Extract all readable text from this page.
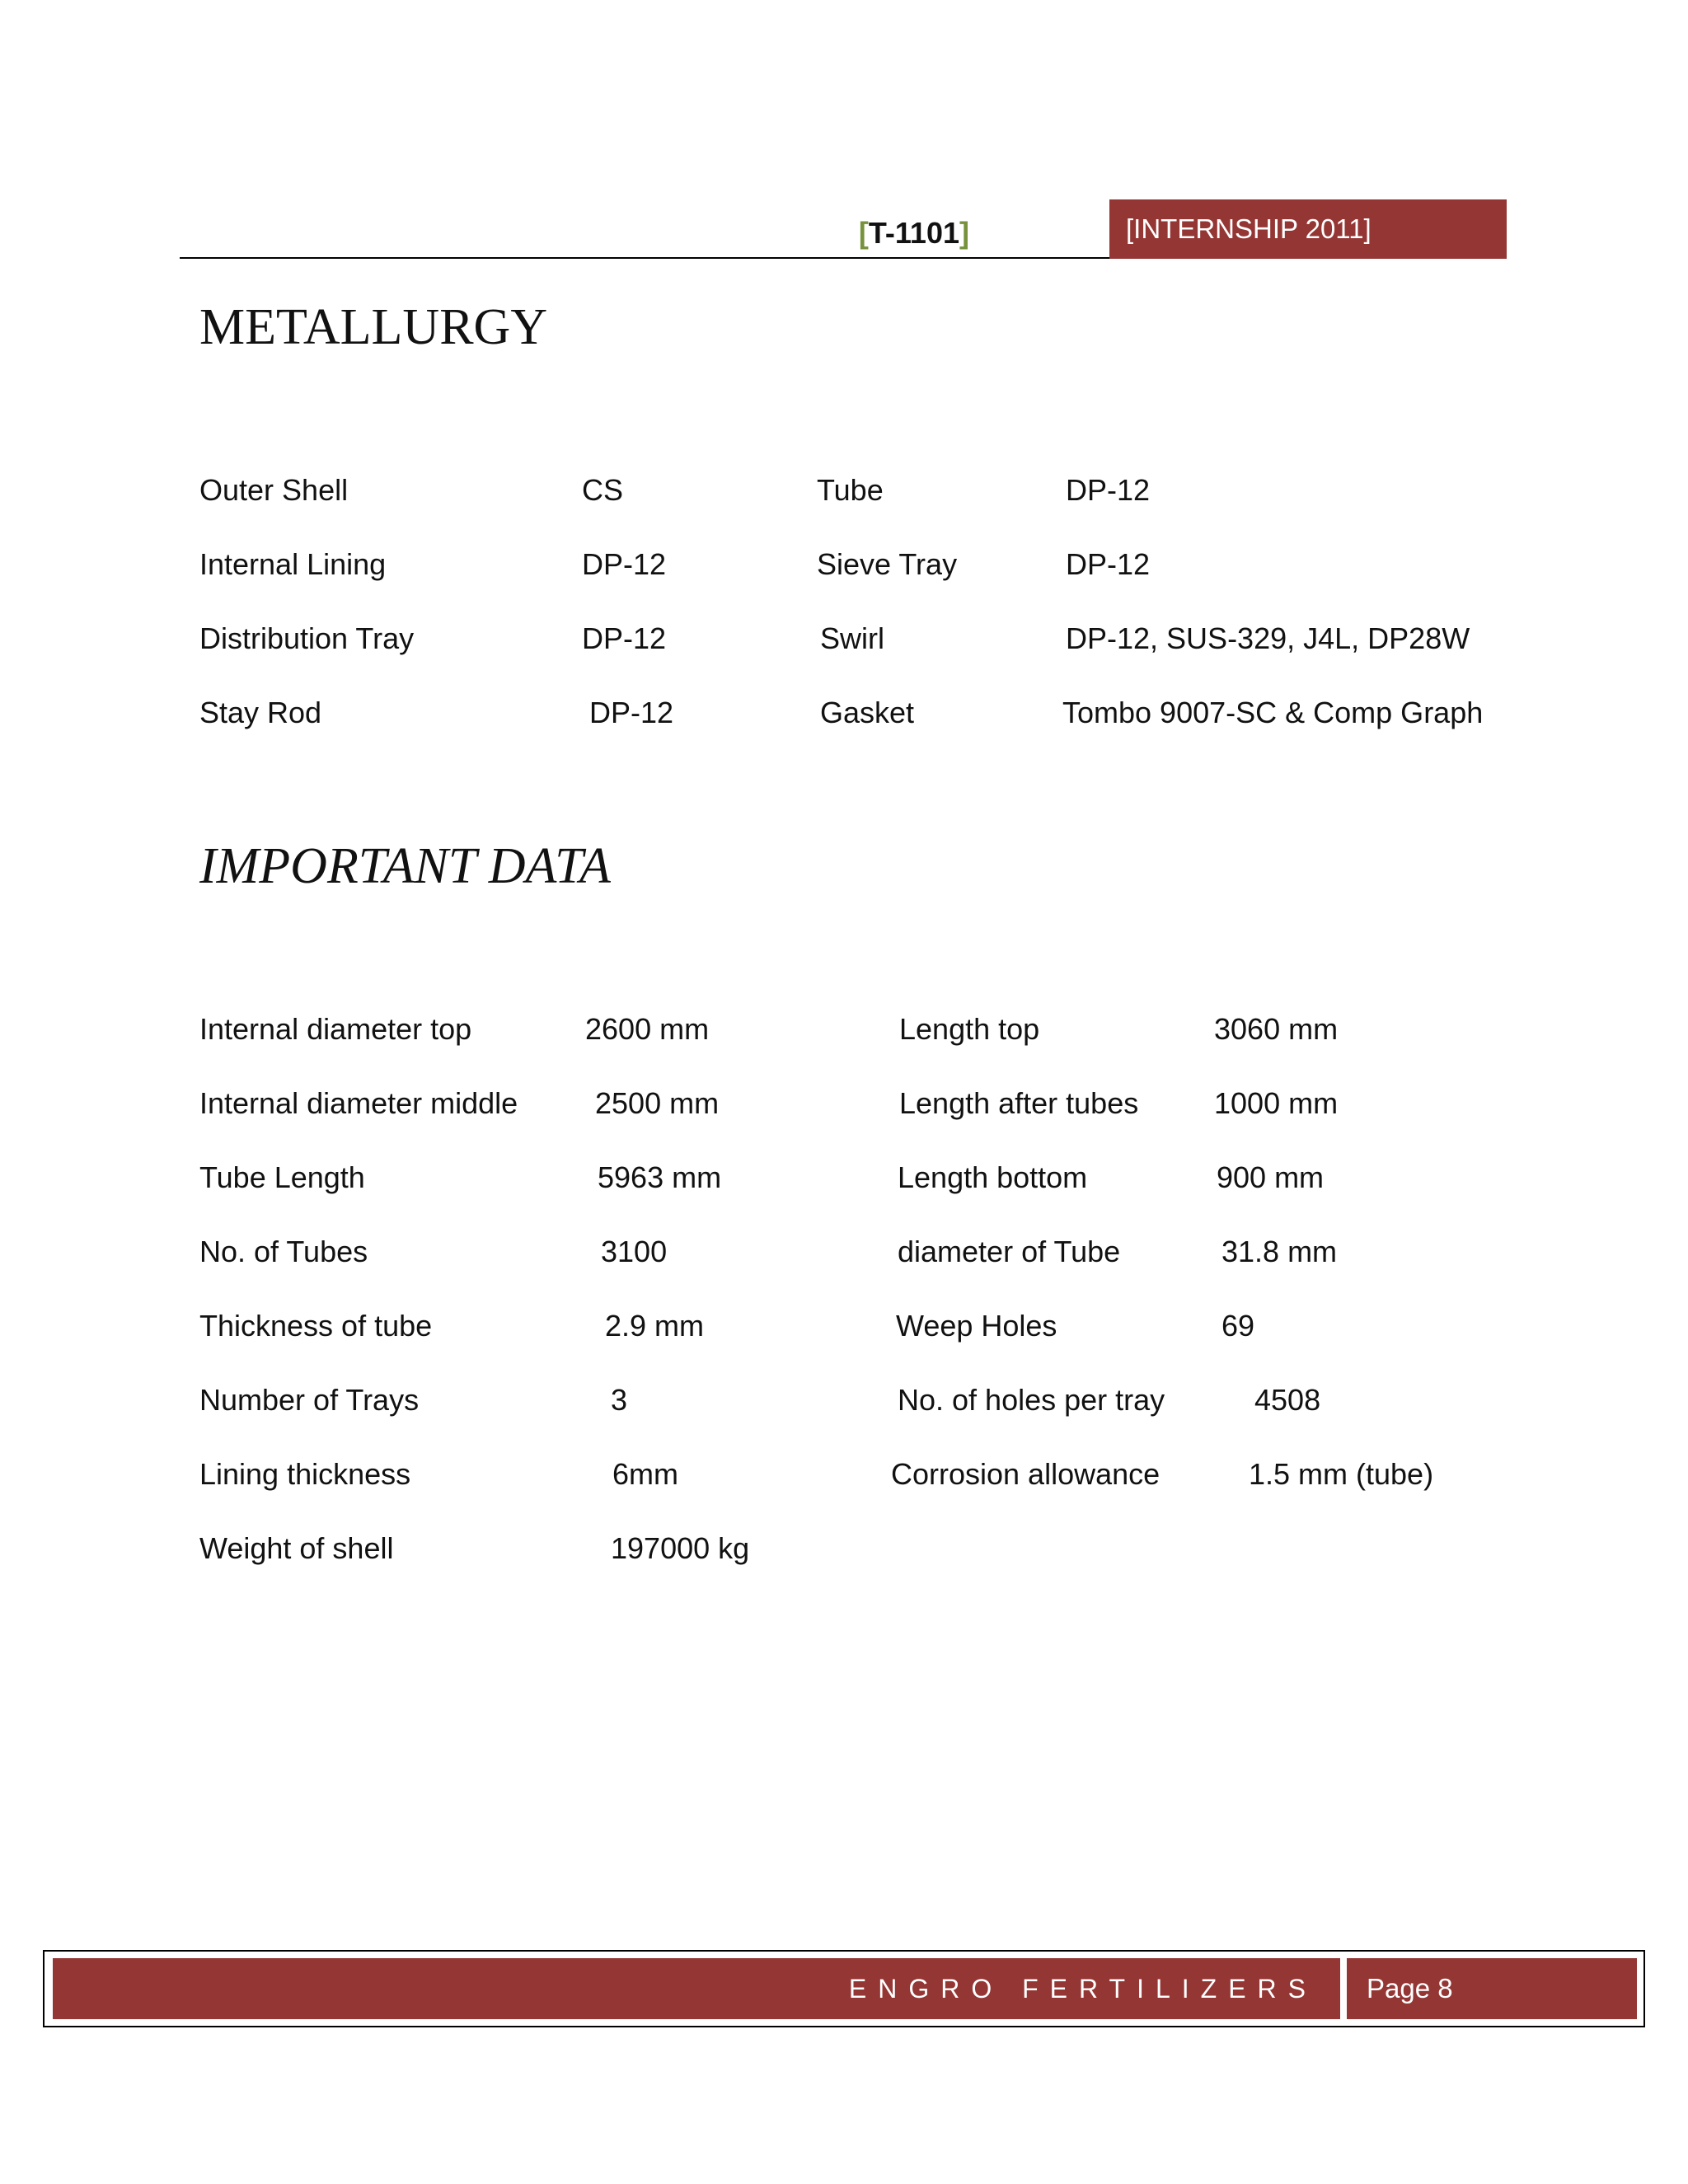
[ T-1101 ]	[INTERNSHIP 2011]
METALLURGY
Outer Shell	CS	Tube	DP-12
Internal Lining	DP-12	Sieve Tray	DP-12
Distribution Tray	DP-12	Swirl	DP-12, SUS-329, J4L, DP28W
Stay Rod	DP-12	Gasket	Tombo 9007-SC & Comp Graph
IMPORTANT DATA
Internal diameter top	2600 mm	Length top	3060 mm
Internal diameter middle	2500 mm	Length after tubes	1000 mm
Tube Length	5963 mm	Length bottom	900 mm
No. of Tubes	3100	diameter of Tube	31.8 mm
Thickness of tube	2.9 mm	Weep Holes	69
Number of Trays	3	No. of holes per tray	4508
Lining thickness	6mm	Corrosion allowance	1.5 mm (tube)
Weight of shell	197000 kg
ENGRO FERTILIZERS	Page 8
